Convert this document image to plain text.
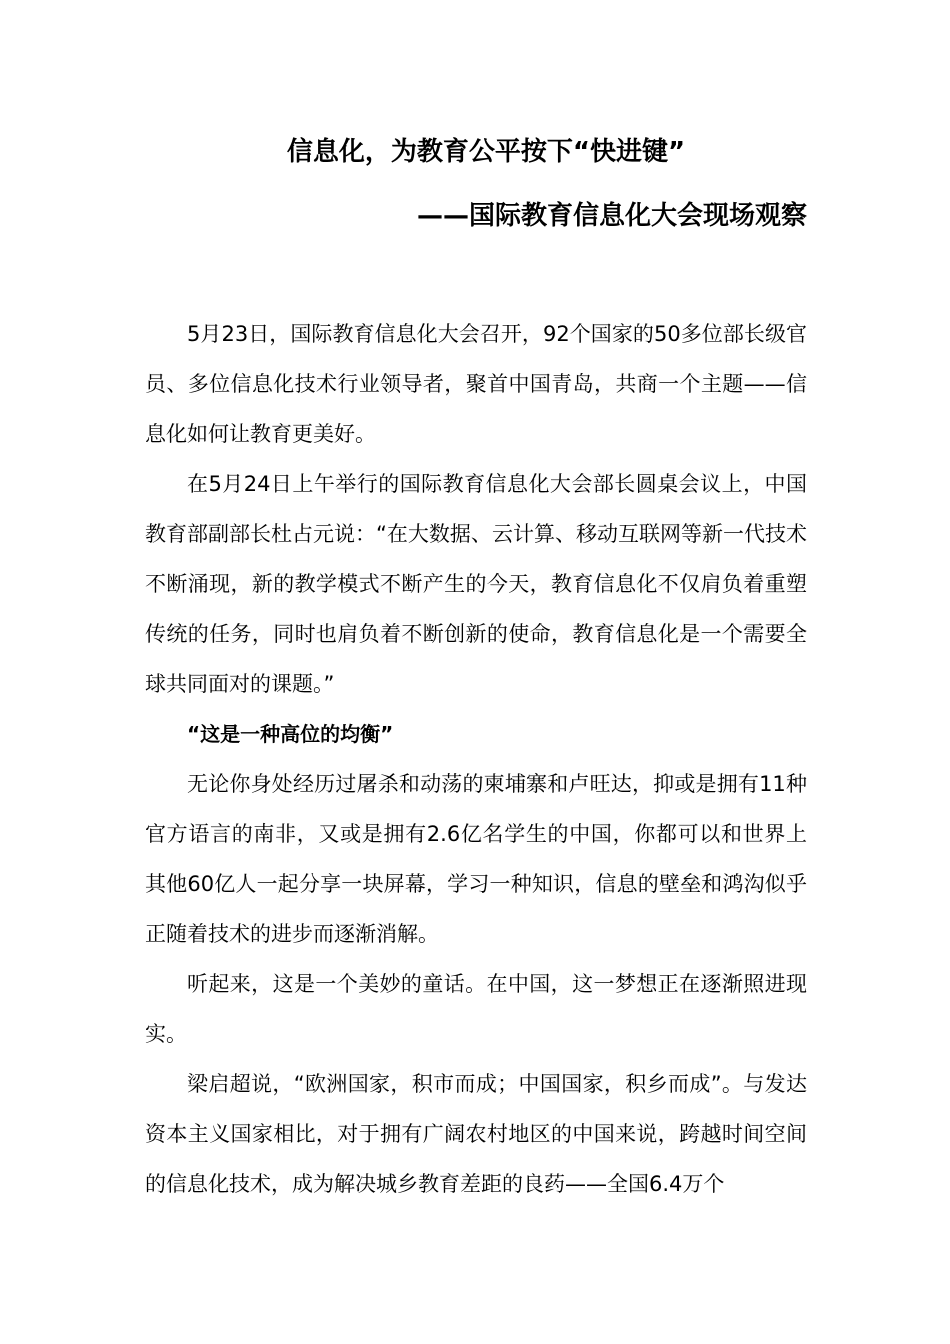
信息化，为教育公平按下“快进键”
——国际教育信息化大会现场观察

5月23日，国际教育信息化大会召开，92个国家的50多位部长级官员、多位信息化技术行业领导者，聚首中国青岛，共商一个主题——信息化如何让教育更美好。

在5月24日上午举行的国际教育信息化大会部长圆桌会议上，中国教育部副部长杜占元说：“在大数据、云计算、移动互联网等新一代技术不断涌现，新的教学模式不断产生的今天，教育信息化不仅肩负着重塑传统的任务，同时也肩负着不断创新的使命，教育信息化是一个需要全球共同面对的课题。”

“这是一种高位的均衡”

无论你身处经历过屠杀和动荡的柬埔寨和卢旺达，抑或是拥有11种官方语言的南非，又或是拥有2.6亿名学生的中国，你都可以和世界上其他60亿人一起分享一块屏幕，学习一种知识，信息的壁垒和鸿沟似乎正随着技术的进步而逐渐消解。

听起来，这是一个美妙的童话。在中国，这一梦想正在逐渐照进现实。

梁启超说，“欧洲国家，积市而成；中国国家，积乡而成”。与发达资本主义国家相比，对于拥有广阔农村地区的中国来说，跨越时间空间的信息化技术，成为解决城乡教育差距的良药——全国6.4万个
